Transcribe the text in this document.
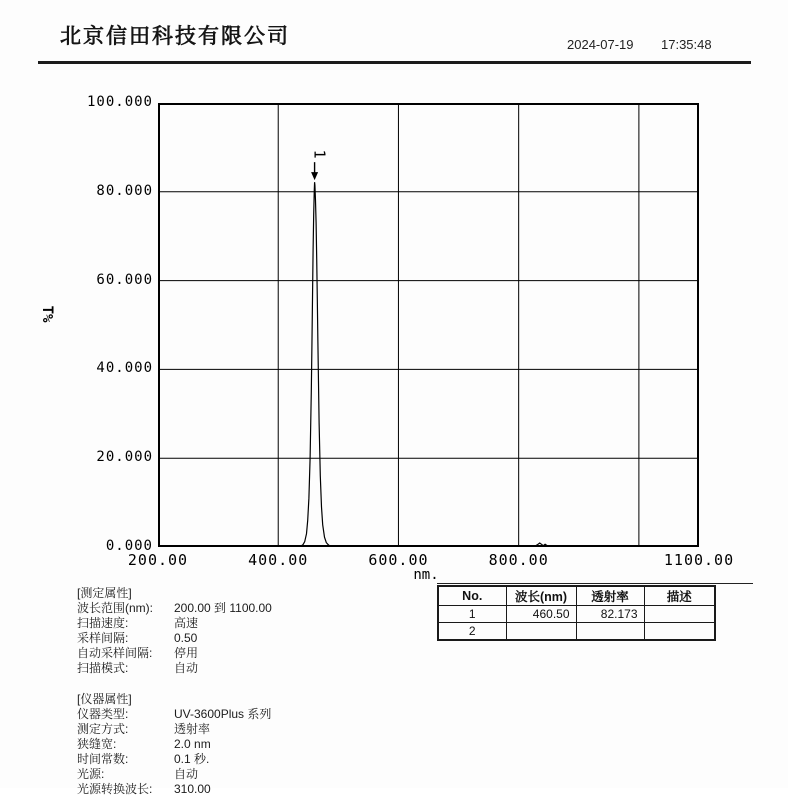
北京信田科技有限公司	2024-07-19 17:35:48
T%
1
100.000
80.000
60.000
40.000
20.000
0.000
200.00	400.00	600.00	800.00	1100.00
nm.
No.	波长(nm)	透射率	描述
1	460.50	82.173	
2			
[测定属性]
波长范围(nm): 200.00 到 1100.00
扫描速度:	高速
采样间隔:	0.50
自动采样间隔: 停用
扫描模式:	自动
[仪器属性]
仪器类型:	UV-3600Plus 系列
测定方式:	透射率
狭缝宽:	2.0 nm
时间常数:	0.1 秒.
光源:	自动
光源转换波长: 310.00
